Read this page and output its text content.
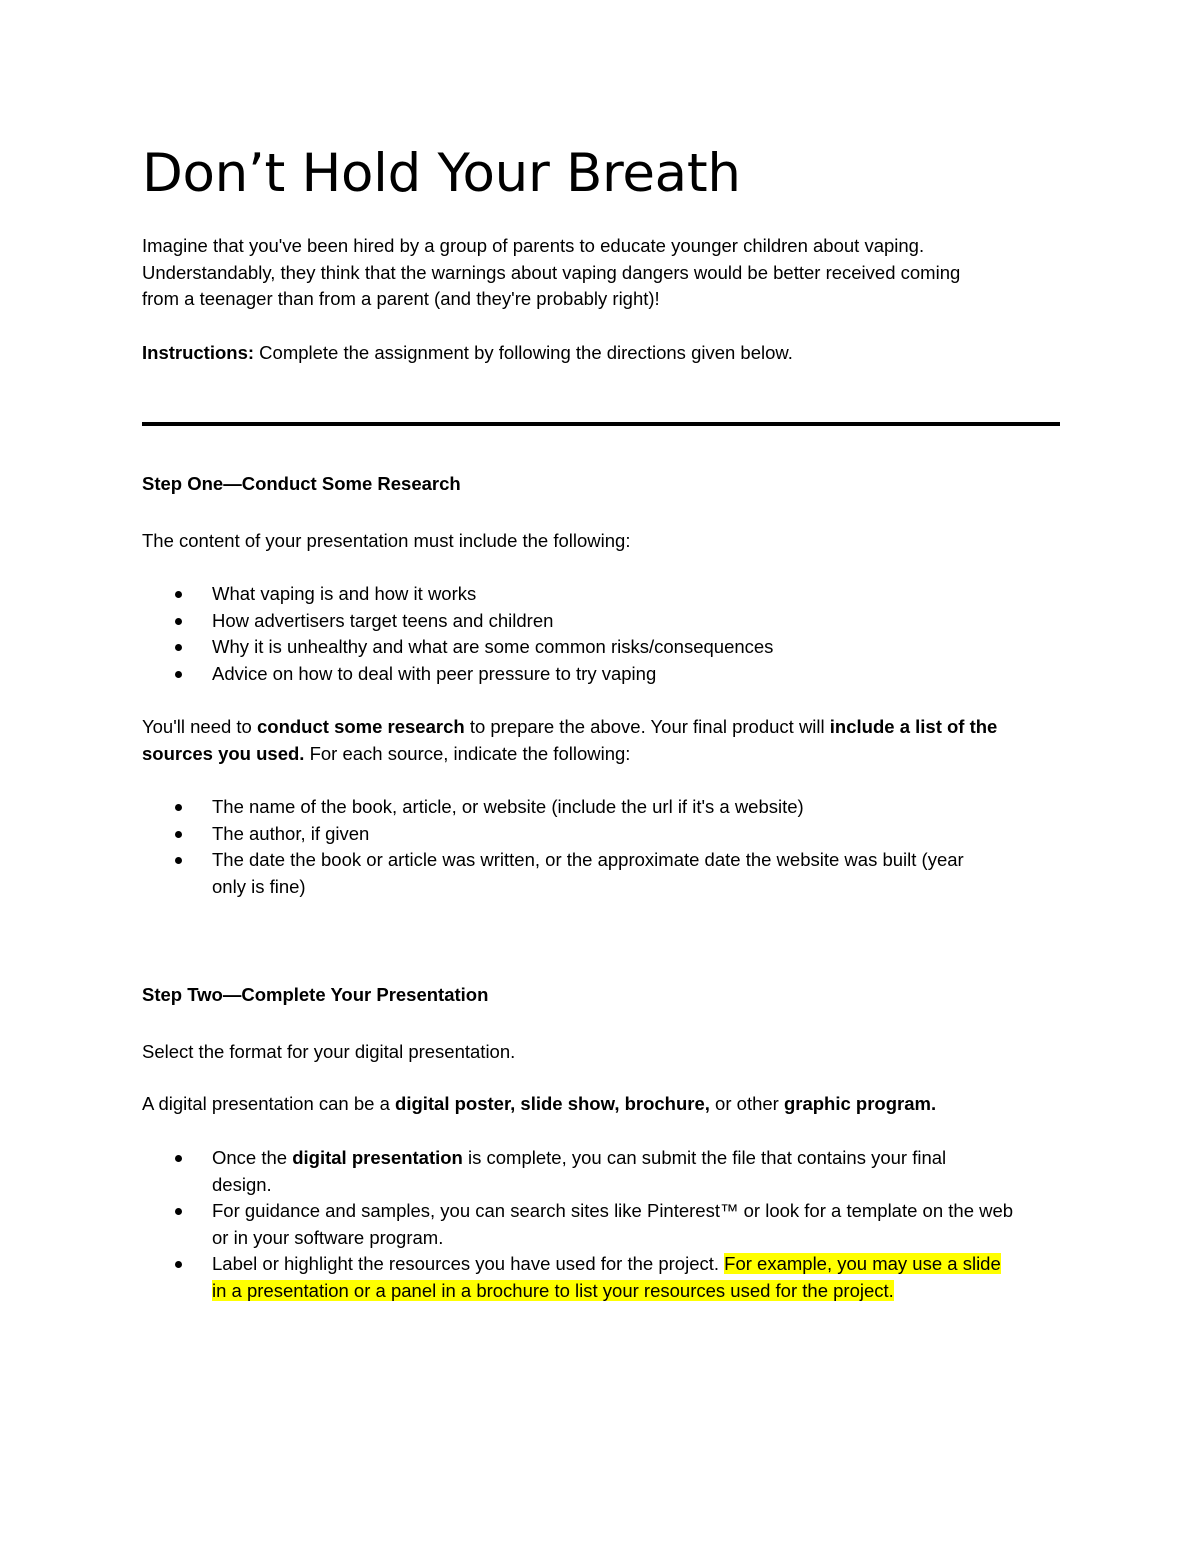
Don’t Hold Your Breath

Imagine that you've been hired by a group of parents to educate younger children about vaping.
Understandably, they think that the warnings about vaping dangers would be better received coming
from a teenager than from a parent (and they're probably right)!

Instructions: Complete the assignment by following the directions given below.

Step One—Conduct Some Research

The content of your presentation must include the following:

What vaping is and how it works
How advertisers target teens and children
Why it is unhealthy and what are some common risks/consequences
Advice on how to deal with peer pressure to try vaping

You'll need to conduct some research to prepare the above. Your final product will include a list of the
sources you used. For each source, indicate the following:

The name of the book, article, or website (include the url if it's a website)
The author, if given
The date the book or article was written, or the approximate date the website was built (year
only is fine)

Step Two—Complete Your Presentation

Select the format for your digital presentation.

A digital presentation can be a digital poster, slide show, brochure, or other graphic program.

Once the digital presentation is complete, you can submit the file that contains your final
design.
For guidance and samples, you can search sites like Pinterest™ or look for a template on the web
or in your software program.
Label or highlight the resources you have used for the project. For example, you may use a slide
in a presentation or a panel in a brochure to list your resources used for the project.
